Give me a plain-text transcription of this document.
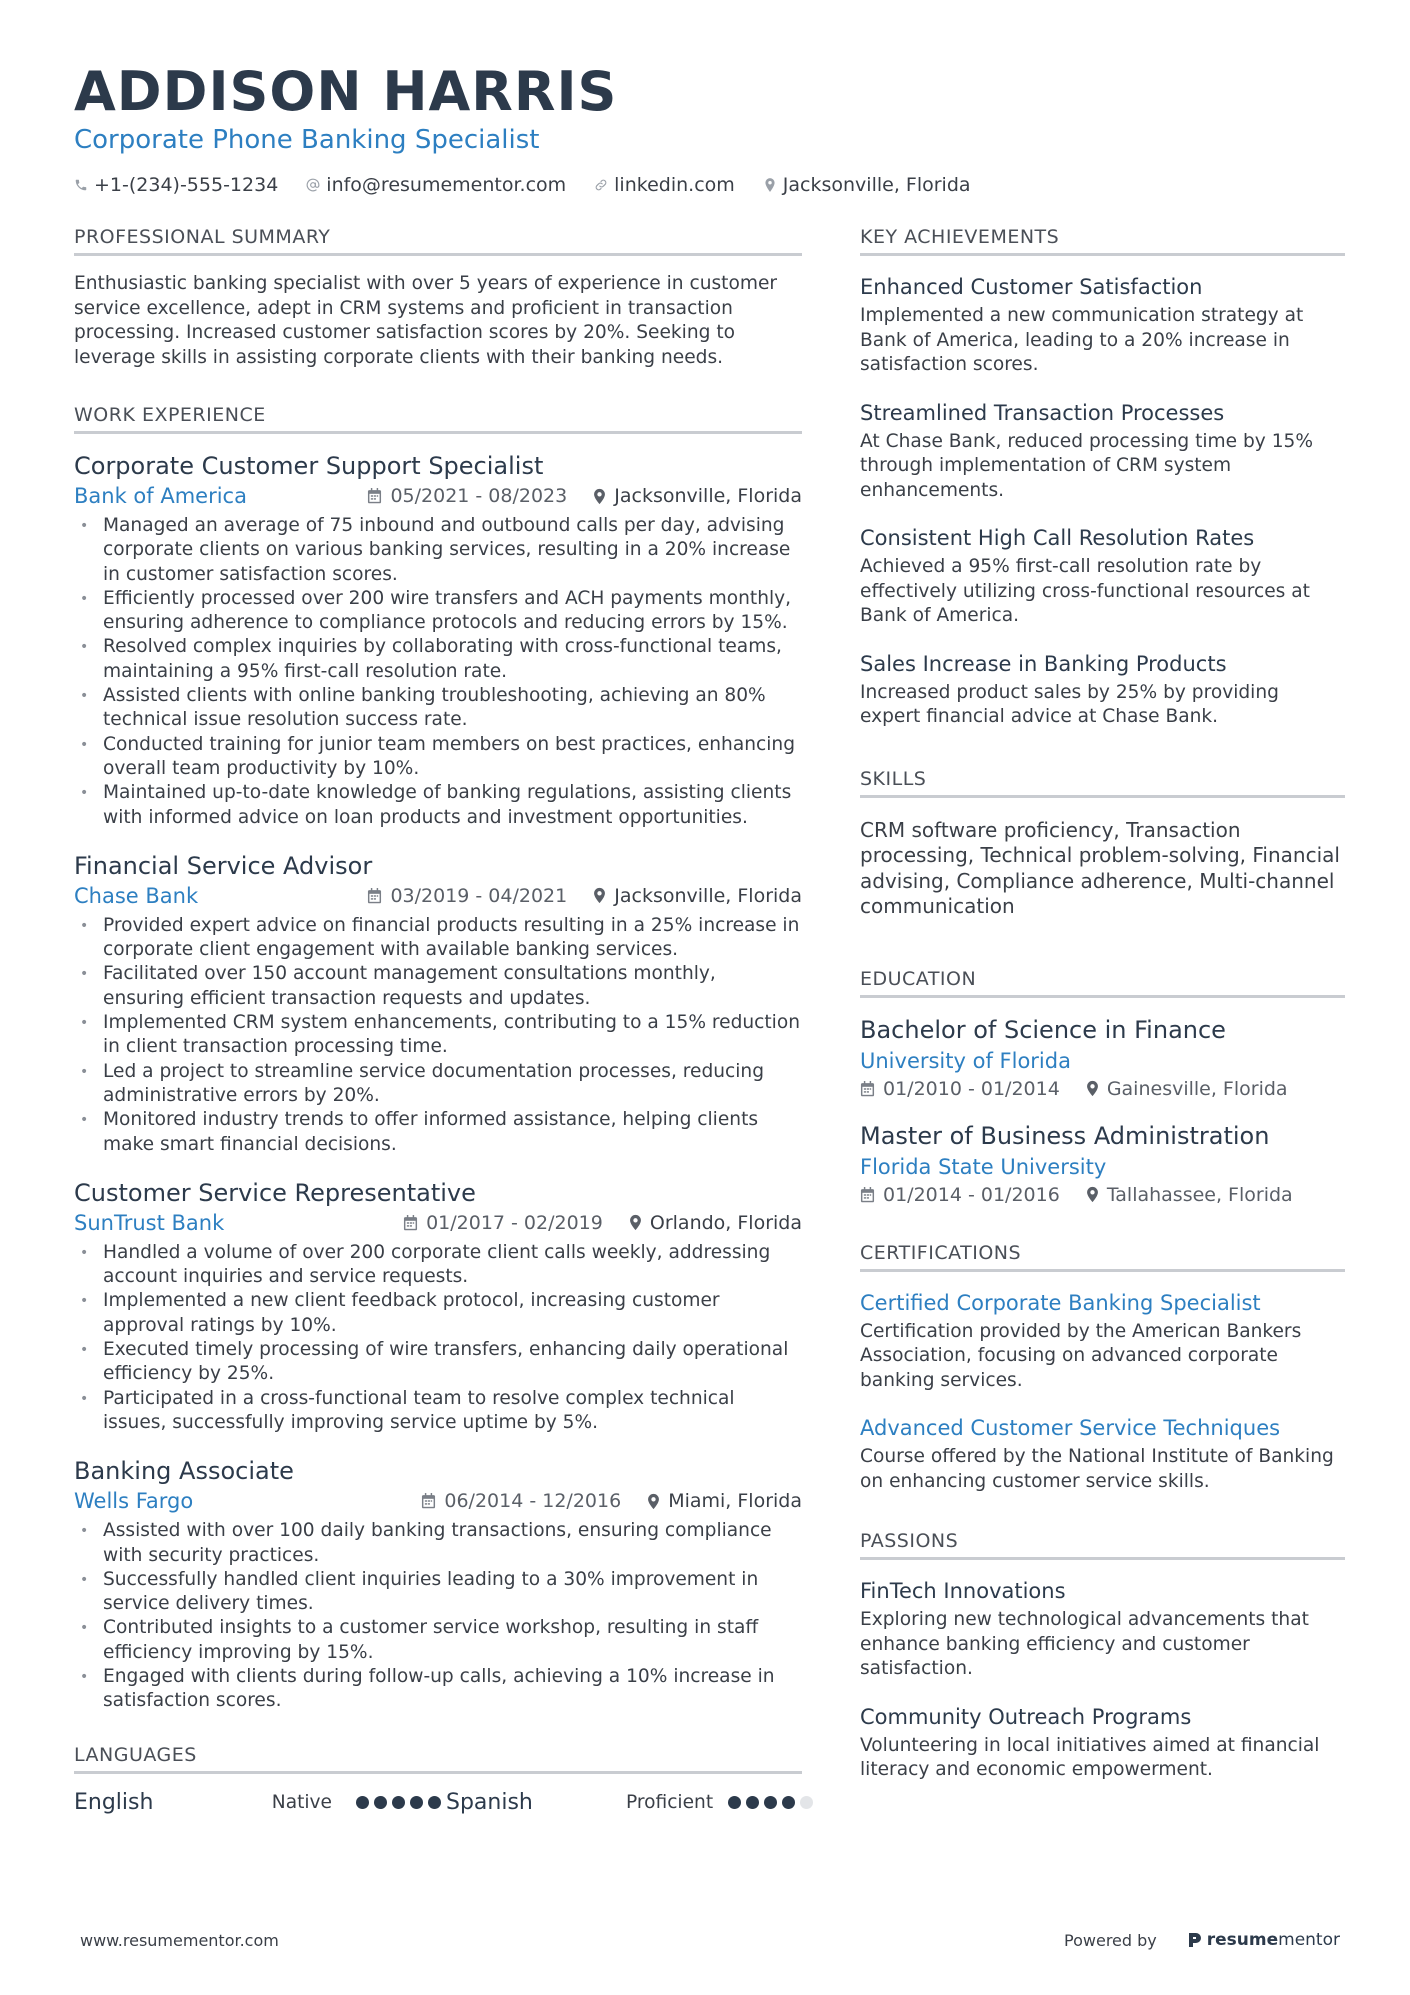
ADDISON HARRIS
Corporate Phone Banking Specialist
+1-(234)-555-1234	info@resumementor.com	linkedin.com	Jacksonville, Florida
PROFESSIONAL SUMMARY

Enthusiastic banking specialist with over 5 years of experience in customer service excellence, adept in CRM systems and proficient in transaction processing. Increased customer satisfaction scores by 20%. Seeking to leverage skills in assisting corporate clients with their banking needs.

WORK EXPERIENCE
Corporate Customer Support Specialist
Bank of America	05/2021 - 08/2023 Jacksonville, Florida
• Managed an average of 75 inbound and outbound calls per day, advising corporate clients on various banking services, resulting in a 20% increase in customer satisfaction scores.
• Efficiently processed over 200 wire transfers and ACH payments monthly, ensuring adherence to compliance protocols and reducing errors by 15%.
• Resolved complex inquiries by collaborating with cross-functional teams, maintaining a 95% first-call resolution rate.
• Assisted clients with online banking troubleshooting, achieving an 80% technical issue resolution success rate.
• Conducted training for junior team members on best practices, enhancing overall team productivity by 10%.
• Maintained up-to-date knowledge of banking regulations, assisting clients with informed advice on loan products and investment opportunities.
Financial Service Advisor
Chase Bank	03/2019 - 04/2021 Jacksonville, Florida
• Provided expert advice on financial products resulting in a 25% increase in corporate client engagement with available banking services.
• Facilitated over 150 account management consultations monthly, ensuring efficient transaction requests and updates.
• Implemented CRM system enhancements, contributing to a 15% reduction in client transaction processing time.
• Led a project to streamline service documentation processes, reducing administrative errors by 20%.
• Monitored industry trends to offer informed assistance, helping clients make smart financial decisions.
Customer Service Representative
SunTrust Bank	01/2017 - 02/2019 Orlando, Florida
• Handled a volume of over 200 corporate client calls weekly, addressing account inquiries and service requests.
• Implemented a new client feedback protocol, increasing customer approval ratings by 10%.
• Executed timely processing of wire transfers, enhancing daily operational efficiency by 25%.
• Participated in a cross-functional team to resolve complex technical issues, successfully improving service uptime by 5%.
Banking Associate
Wells Fargo	06/2014 - 12/2016 Miami, Florida
• Assisted with over 100 daily banking transactions, ensuring compliance with security practices.
• Successfully handled client inquiries leading to a 30% improvement in service delivery times.
• Contributed insights to a customer service workshop, resulting in staff efficiency improving by 15%.
• Engaged with clients during follow-up calls, achieving a 10% increase in satisfaction scores.
LANGUAGES
English	Native	Spanish	Proficient
KEY ACHIEVEMENTS
Enhanced Customer Satisfaction
Implemented a new communication strategy at Bank of America, leading to a 20% increase in satisfaction scores.
Streamlined Transaction Processes
At Chase Bank, reduced processing time by 15% through implementation of CRM system enhancements.
Consistent High Call Resolution Rates
Achieved a 95% first-call resolution rate by effectively utilizing cross-functional resources at Bank of America.
Sales Increase in Banking Products
Increased product sales by 25% by providing expert financial advice at Chase Bank.
SKILLS
CRM software proficiency, Transaction processing, Technical problem-solving, Financial advising, Compliance adherence, Multi-channel communication
EDUCATION
Bachelor of Science in Finance
University of Florida
01/2010 - 01/2014 Gainesville, Florida
Master of Business Administration
Florida State University
01/2014 - 01/2016 Tallahassee, Florida
CERTIFICATIONS
Certified Corporate Banking Specialist
Certification provided by the American Bankers Association, focusing on advanced corporate banking services.
Advanced Customer Service Techniques
Course offered by the National Institute of Banking on enhancing customer service skills.
PASSIONS
FinTech Innovations
Exploring new technological advancements that enhance banking efficiency and customer satisfaction.
Community Outreach Programs
Volunteering in local initiatives aimed at financial literacy and economic empowerment.
www.resumementor.com	Powered by	resume mentor
